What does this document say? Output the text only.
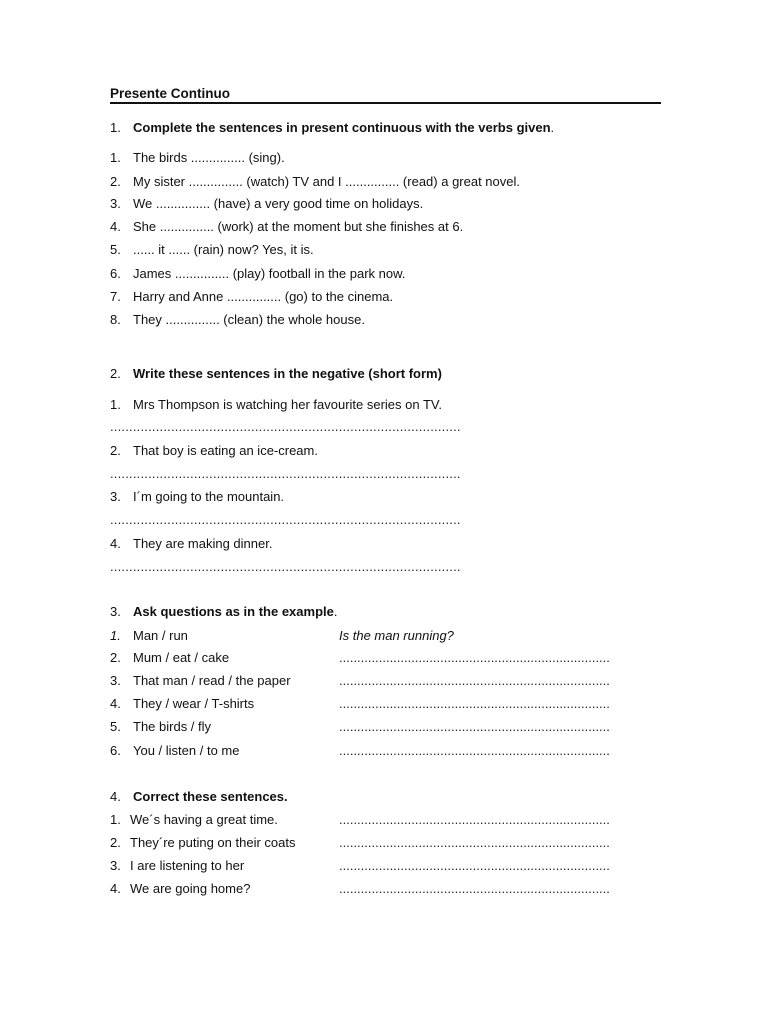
Presente Continuo
1. Complete the sentences in present continuous with the verbs given.
1. The birds ............... (sing).
2. My sister ............... (watch) TV and I ............... (read) a great novel.
3. We ............... (have) a very good time on holidays.
4. She ............... (work) at the moment but she finishes at 6.
5. ...... it ...... (rain) now? Yes, it is.
6. James ............... (play) football in the park now.
7. Harry and Anne ............... (go) to the cinema.
8. They ............... (clean) the whole house.
2. Write these sentences in the negative (short form)
1. Mrs Thompson is watching her favourite series on TV.
............................................................................................
2. That boy is eating an ice-cream.
............................................................................................
3. I´m going to the mountain.
............................................................................................
4. They are making dinner.
............................................................................................
3. Ask questions as in the example.
1. Man / run	Is the man running?
2. Mum / eat / cake	...........................................................................
3. That man / read / the paper	...........................................................................
4. They / wear / T-shirts	...........................................................................
5. The birds / fly	...........................................................................
6. You / listen / to me	...........................................................................
4. Correct these sentences.
1. We´s having a great time.	...........................................................................
2. They´re puting on their coats	...........................................................................
3. I are listening to her	...........................................................................
4. We are going home?	...........................................................................
